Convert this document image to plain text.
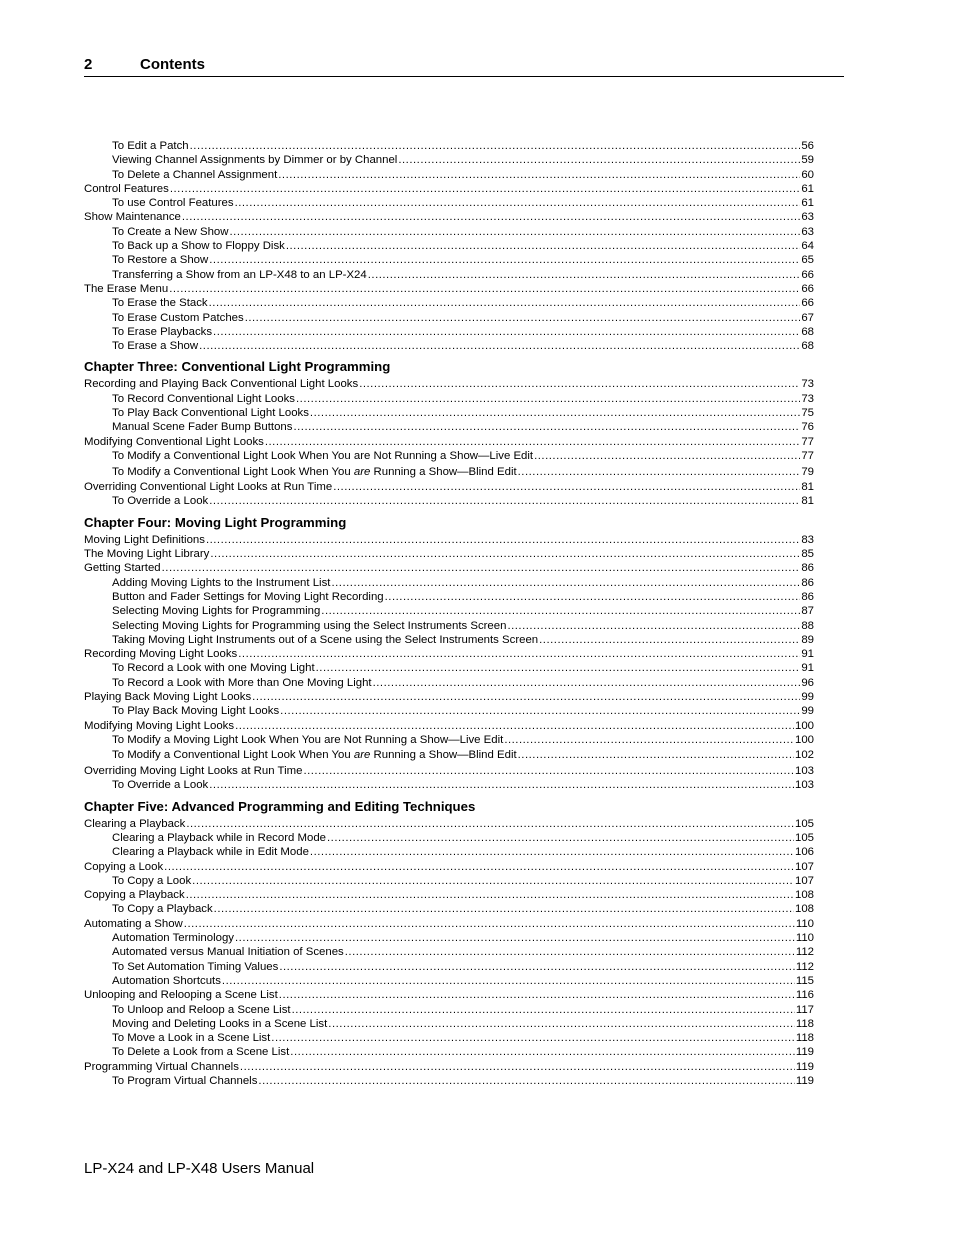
2	Contents
To Edit a Patch .....	56
Viewing Channel Assignments by Dimmer or by Channel .....	59
To Delete a Channel Assignment .....	60
Control Features .....	61
To use Control Features .....	61
Show Maintenance .....	63
To Create a New Show .....	63
To Back up a Show to Floppy Disk .....	64
To Restore a Show .....	65
Transferring a Show from an LP-X48 to an LP-X24 .....	66
The Erase Menu .....	66
To Erase the Stack .....	66
To Erase Custom Patches .....	67
To Erase Playbacks .....	68
To Erase a Show .....	68
Chapter Three: Conventional Light Programming
Recording and Playing Back Conventional Light Looks .....	73
To Record Conventional Light Looks .....	73
To Play Back Conventional Light Looks .....	75
Manual Scene Fader Bump Buttons .....	76
Modifying Conventional Light Looks .....	77
To Modify a Conventional Light Look When You are Not Running a Show—Live Edit .....	77
To Modify a Conventional Light Look When You are Running a Show—Blind Edit .....	79
Overriding Conventional Light Looks at Run Time .....	81
To Override a Look .....	81
Chapter Four: Moving Light Programming
Moving Light Definitions .....	83
The Moving Light Library .....	85
Getting Started .....	86
Adding Moving Lights to the Instrument List .....	86
Button and Fader Settings for Moving Light Recording .....	86
Selecting Moving Lights for Programming .....	87
Selecting Moving Lights for Programming using the Select Instruments Screen .....	88
Taking Moving Light Instruments out of a Scene using the Select Instruments Screen .....	89
Recording Moving Light Looks .....	91
To Record a Look with one Moving Light .....	91
To Record a Look with More than One Moving Light .....	96
Playing Back Moving Light Looks .....	99
To Play Back Moving Light Looks .....	99
Modifying Moving Light Looks .....	100
To Modify a Moving Light Look When You are Not Running a Show—Live Edit .....	100
To Modify a Conventional Light Look When You are Running a Show—Blind Edit .....	102
Overriding Moving Light Looks at Run Time .....	103
To Override a Look .....	103
Chapter Five: Advanced Programming and Editing Techniques
Clearing a Playback .....	105
Clearing a Playback while in Record Mode .....	105
Clearing a Playback while in Edit Mode .....	106
Copying a Look .....	107
To Copy a Look .....	107
Copying a Playback .....	108
To Copy a Playback .....	108
Automating a Show .....	110
Automation Terminology .....	110
Automated versus Manual Initiation of Scenes .....	112
To Set Automation Timing Values .....	112
Automation Shortcuts .....	115
Unlooping and Relooping a Scene List .....	116
To Unloop and Reloop a Scene List .....	117
Moving and Deleting Looks in a Scene List .....	118
To Move a Look in a Scene List .....	118
To Delete a Look from a Scene List .....	119
Programming Virtual Channels .....	119
To Program Virtual Channels .....	119
LP-X24 and LP-X48 Users Manual
